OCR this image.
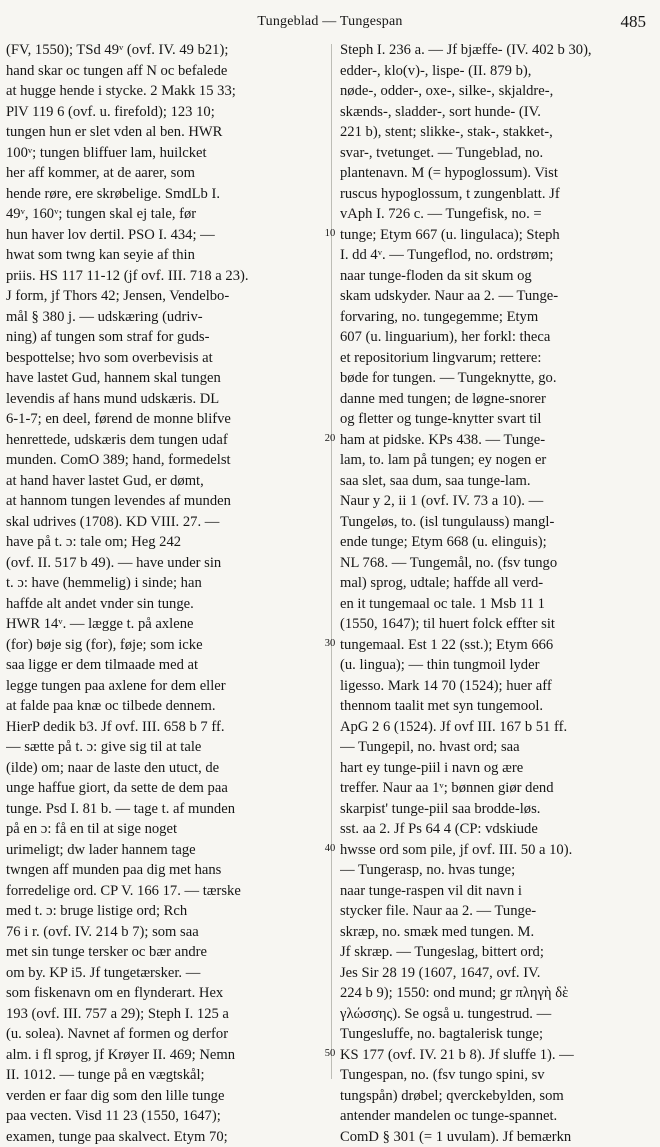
Tungeblad — Tungespan	485
(FV, 1550); TSd 49ᵛ (ovf. IV. 49 b21);
hand skar oc tungen aff N oc befalede
at hugge hende i stycke. 2 Makk 15 33;
PlV 119 6 (ovf. u. firefold); 123 10;
tungen hun er slet vden al ben. HWR
100ᵛ; tungen bliffuer lam, huilcket
her aff kommer, at de aarer, som
hende røre, ere skrøbelige. SmdLb I.
49ᵛ, 160ᵛ; tungen skal ej tale, før
hun haver lov dertil. PSO I. 434; —
hwat som twng kan seyie af thin
priis. HS 117 11-12 (jf ovf. III. 718 a 23).
J form, jf Thors 42; Jensen, Vendelbo-
mål § 380 j. — udskæring (udriv-
ning) af tungen som straf for guds-
bespottelse; hvo som overbevisis at
have lastet Gud, hannem skal tungen
levendis af hans mund udskæris. DL
6-1-7; en deel, førend de monne blifve
henrettede, udskæris dem tungen udaf
munden. ComO 389; hand, formedelst
at hand haver lastet Gud, er dømt,
at hannom tungen levendes af munden
skal udrives (1708). KD VIII. 27. —
have på t. ɔ: tale om; Heg 242
(ovf. II. 517 b 49). — have under sin
t. ɔ: have (hemmelig) i sinde; han
haffde alt andet vnder sin tunge.
HWR 14ᵛ. — lægge t. på axlene
(for) bøje sig (for), føje; som icke
saa ligge er dem tilmaade med at
legge tungen paa axlene for dem eller
at falde paa knæ oc tilbede dennem.
HierP dedik b3. Jf ovf. III. 658 b 7 ff.
— sætte på t. ɔ: give sig til at tale
(ilde) om; naar de laste den utuct, de
unge haffue giort, da sette de dem paa
tunge. Psd I. 81 b. — tage t. af munden
på en ɔ: få en til at sige noget
urimeligt; dw lader hannem tage
twngen aff munden paa dig met hans
forredelige ord. CP V. 166 17. — tærske
med t. ɔ: bruge listige ord; Rch
76 i r. (ovf. IV. 214 b 7); som saa
met sin tunge tersker oc bær andre
om by. KP i5. Jf tungetærsker. —
som fiskenavn om en flynderart. Hex
193 (ovf. III. 757 a 29); Steph I. 125 a
(u. solea). Navnet af formen og derfor
alm. i fl sprog, jf Krøyer II. 469; Nemn
II. 1012. — tunge på en vægtskål;
verden er faar dig som den lille tunge
paa vecten. Visd 11 23 (1550, 1647);
examen, tunge paa skalvect. Etym 70;
Steph I. 236 a. — Jf bjæffe- (IV. 402 b 30),
edder-, klo(v)-, lispe- (II. 879 b),
nøde-, odder-, oxe-, silke-, skjaldre-,
skænds-, sladder-, sort hunde- (IV.
221 b), stent; slikke-, stak-, stakket-,
svar-, tvetunget. — Tungeblad, no.
plantenavn. M (= hypoglossum). Vist
ruscus hypoglossum, t zungenblatt. Jf
vAph I. 726 c. — Tungefisk, no. =
tunge; Etym 667 (u. lingulaca); Steph
I. dd 4ᵛ. — Tungeflod, no. ordstrøm;
naar tunge-floden da sit skum og
skam udskyder. Naur aa 2. — Tunge-
forvaring, no. tungegemme; Etym
607 (u. linguarium), her forkl: theca
et repositorium lingvarum; rettere:
bøde for tungen. — Tungeknytte, go.
danne med tungen; de løgne-snorer
og fletter og tunge-knytter svart til
ham at pidske. KPs 438. — Tunge-
lam, to. lam på tungen; ey nogen er
saa slet, saa dum, saa tunge-lam.
Naur y 2, ii 1 (ovf. IV. 73 a 10). —
Tungeløs, to. (isl tungulauss) mangl-
ende tunge; Etym 668 (u. elinguis);
NL 768. — Tungemål, no. (fsv tungo
mal) sprog, udtale; haffde all verd-
en it tungemaal oc tale. 1 Msb 11 1
(1550, 1647); til huert folck effter sit
tungemaal. Est 1 22 (sst.); Etym 666
(u. lingua); — thin tungmoil lyder
ligesso. Mark 14 70 (1524); huer aff
thennom taalit met syn tungemool.
ApG 2 6 (1524). Jf ovf III. 167 b 51 ff.
— Tungepil, no. hvast ord; saa
hart ey tunge-piil i navn og ære
treffer. Naur aa 1ᵛ; bønnen giør dend
skarpist' tunge-piil saa brodde-løs.
sst. aa 2. Jf Ps 64 4 (CP: vdskiude
hwsse ord som pile, jf ovf. III. 50 a 10).
— Tungerasp, no. hvas tunge;
naar tunge-raspen vil dit navn i
stycker file. Naur aa 2. — Tunge-
skræp, no. smæk med tungen. M.
Jf skræp. — Tungeslag, bittert ord;
Jes Sir 28 19 (1607, 1647, ovf. IV.
224 b 9); 1550: ond mund; gr πληγὴ δὲ
γλώσσης). Se også u. tungestrud. —
Tungesluffe, no. bagtalerisk tunge;
KS 177 (ovf. IV. 21 b 8). Jf sluffe 1). —
Tungespan, no. (fsv tungo spini, sv
tungspån) drøbel; qverckebylden, som
antender mandelen oc tunge-spannet.
ComD § 301 (= 1 uvulam). Jf bemærkn
10
20
30
40
50
